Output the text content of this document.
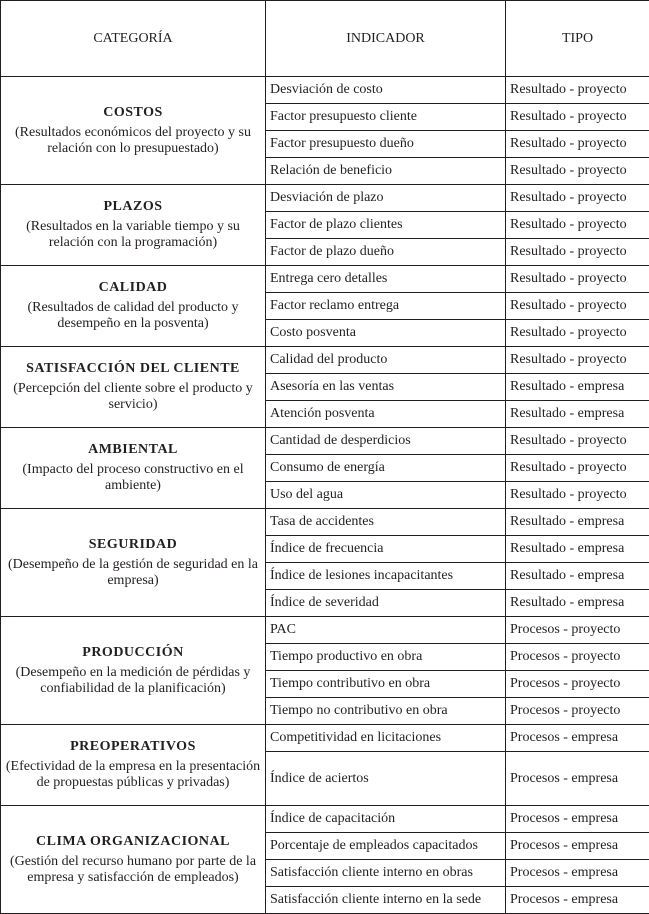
CATEGORÍA	INDICADOR	TIPO

COSTOS
(Resultados económicos del proyecto y su relación con lo presupuestado)	Desviación de costo	Resultado - proyecto
	Factor presupuesto cliente	Resultado - proyecto
	Factor presupuesto dueño	Resultado - proyecto
	Relación de beneficio	Resultado - proyecto

PLAZOS
(Resultados en la variable tiempo y su relación con la programación)	Desviación de plazo	Resultado - proyecto
	Factor de plazo clientes	Resultado - proyecto
	Factor de plazo dueño	Resultado - proyecto

CALIDAD
(Resultados de calidad del producto y desempeño en la posventa)	Entrega cero detalles	Resultado - proyecto
	Factor reclamo entrega	Resultado - proyecto
	Costo posventa	Resultado - proyecto

SATISFACCIÓN DEL CLIENTE
(Percepción del cliente sobre el producto y servicio)	Calidad del producto	Resultado - proyecto
	Asesoría en las ventas	Resultado - empresa
	Atención posventa	Resultado - empresa

AMBIENTAL
(Impacto del proceso constructivo en el ambiente)	Cantidad de desperdicios	Resultado - proyecto
	Consumo de energía	Resultado - proyecto
	Uso del agua	Resultado - proyecto

SEGURIDAD
(Desempeño de la gestión de seguridad en la empresa)	Tasa de accidentes	Resultado - empresa
	Índice de frecuencia	Resultado - empresa
	Índice de lesiones incapacitantes	Resultado - empresa
	Índice de severidad	Resultado - empresa

PRODUCCIÓN
(Desempeño en la medición de pérdidas y confiabilidad de la planificación)	PAC	Procesos - proyecto
	Tiempo productivo en obra	Procesos - proyecto
	Tiempo contributivo en obra	Procesos - proyecto
	Tiempo no contributivo en obra	Procesos - proyecto

PREOPERATIVOS
(Efectividad de la empresa en la presentación de propuestas públicas y privadas)	Competitividad en licitaciones	Procesos - empresa
	Índice de aciertos	Procesos - empresa

CLIMA ORGANIZACIONAL
(Gestión del recurso humano por parte de la empresa y satisfacción de empleados)	Índice de capacitación	Procesos - empresa
	Porcentaje de empleados capacitados	Procesos - empresa
	Satisfacción cliente interno en obras	Procesos - empresa
	Satisfacción cliente interno en la sede	Procesos - empresa
